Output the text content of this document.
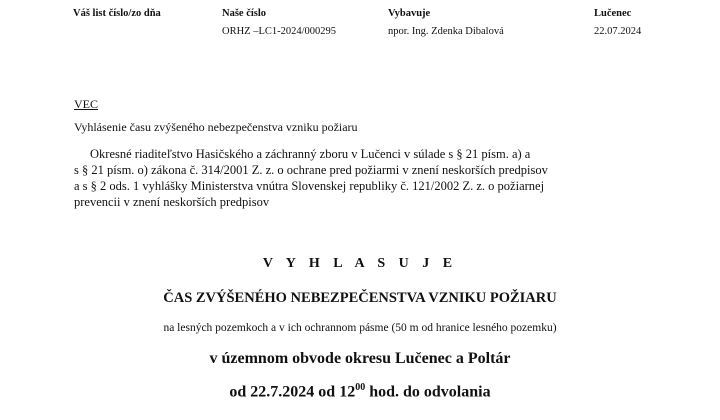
Váš list číslo/zo dňa	Naše číslo
ORHZ –LC1-2024/000295
Vybavuje
npor. Ing. Zdenka Dibalová
Lučenec
22.07.2024
VEC
Vyhlásenie času zvýšeného nebezpečenstva vzniku požiaru
Okresné riaditeľstvo Hasičského a záchranný zboru v Lučenci v súlade s § 21 písm. a) a
s § 21 písm. o) zákona č. 314/2001 Z. z. o ochrane pred požiarmi v znení neskorších predpisov
a s § 2 ods. 1 vyhlášky Ministerstva vnútra Slovenskej republiky č. 121/2002 Z. z. o požiarnej
prevencii v znení neskorších predpisov
V Y H L A S U J E
ČAS ZVÝŠENÉHO NEBEZPEČENSTVA VZNIKU POŽIARU
na lesných pozemkoch a v ich ochrannom pásme (50 m od hranice lesného pozemku)
v územnom obvode okresu Lučenec a Poltár
od 22.7.2024 od $12^{00}$ hod. do odvolania
